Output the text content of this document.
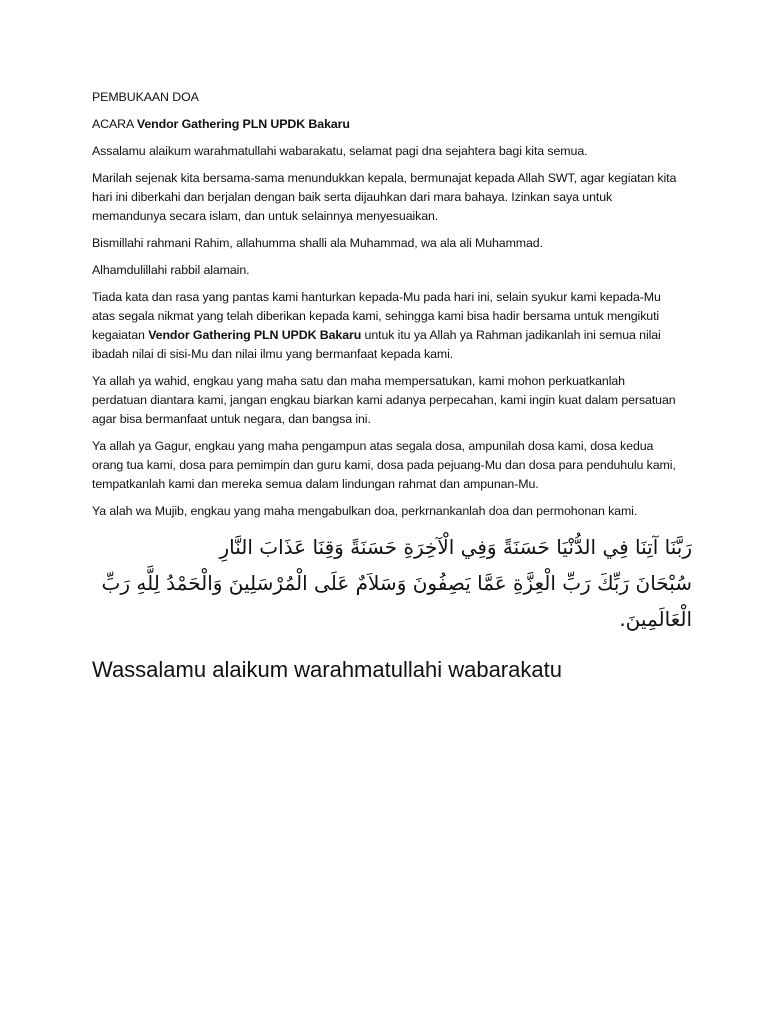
PEMBUKAAN DOA

ACARA Vendor Gathering PLN UPDK Bakaru

Assalamu alaikum warahmatullahi wabarakatu, selamat pagi dna sejahtera bagi kita semua.

Marilah sejenak kita bersama-sama menundukkan kepala, bermunajat kepada Allah SWT, agar kegiatan kita hari ini diberkahi dan berjalan dengan baik serta dijauhkan dari mara bahaya. Izinkan saya untuk memandunya secara islam, dan untuk selainnya menyesuaikan.

Bismillahi rahmani Rahim, allahumma shalli ala Muhammad, wa ala ali Muhammad.

Alhamdulillahi rabbil alamain.

Tiada kata dan rasa yang pantas kami hanturkan kepada-Mu pada hari ini, selain syukur kami kepada-Mu atas segala nikmat yang telah diberikan kepada kami, sehingga kami bisa hadir bersama untuk mengikuti kegaiatan Vendor Gathering PLN UPDK Bakaru untuk itu ya Allah ya Rahman jadikanlah ini semua nilai ibadah nilai di sisi-Mu dan nilai ilmu yang bermanfaat kepada kami.

Ya allah ya wahid, engkau yang maha satu dan maha mempersatukan, kami mohon perkuatkanlah perdatuan diantara kami, jangan engkau biarkan kami adanya perpecahan, kami ingin kuat dalam persatuan agar bisa bermanfaat untuk negara, dan bangsa ini.

Ya allah ya Gagur, engkau yang maha pengampun atas segala dosa, ampunilah dosa kami, dosa kedua orang tua kami, dosa para pemimpin dan guru kami, dosa pada pejuang-Mu dan dosa para penduhulu kami, tempatkanlah kami dan mereka semua dalam lindungan rahmat dan ampunan-Mu.

Ya alah wa Mujib, engkau yang maha mengabulkan doa, perkrnankanlah doa dan permohonan kami.

رَبَّنَا آتِنَا فِي الدُّنْيَا حَسَنَةً وَفِي الْآخِرَةِ حَسَنَةً وَقِنَا عَذَابَ النَّارِ

سُبْحَانَ رَبِّكَ رَبِّ الْعِزَّةِ عَمَّا يَصِفُونَ وَسَلاَمٌ عَلَى الْمُرْسَلِينَ وَالْحَمْدُ لِلَّهِ رَبِّ الْعَالَمِينَ.

Wassalamu alaikum warahmatullahi wabarakatu
